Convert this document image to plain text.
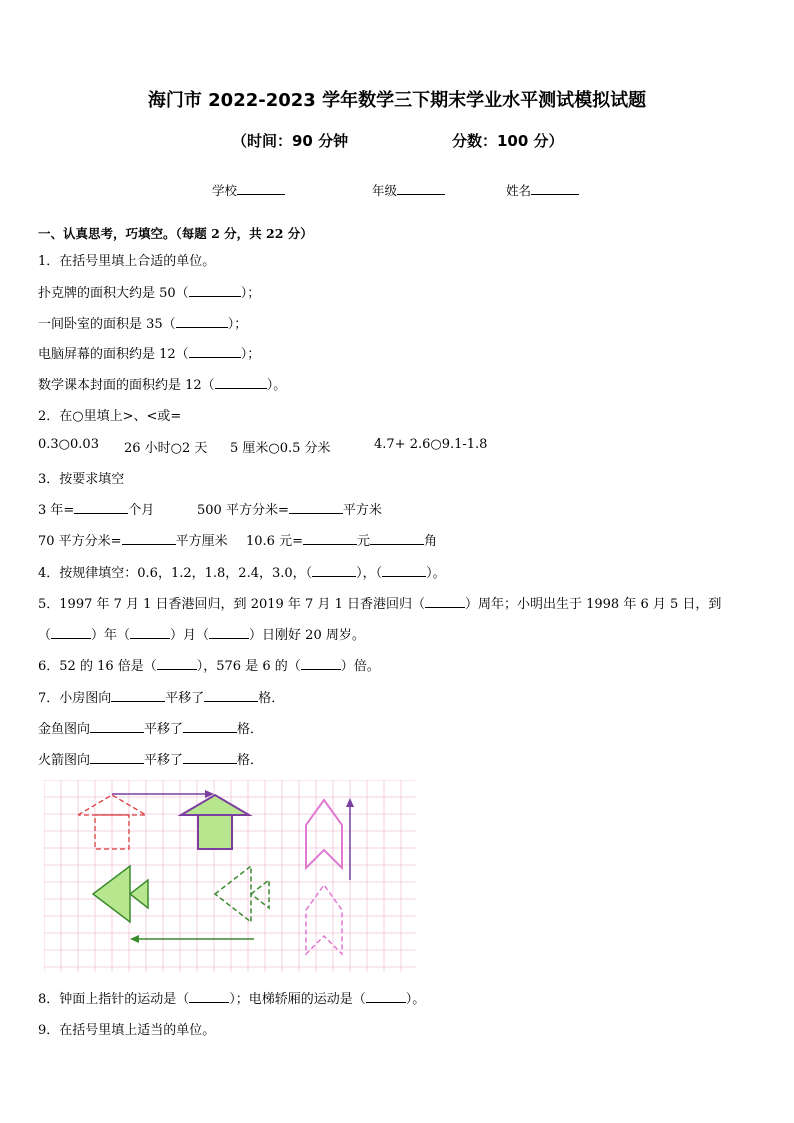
海门市 2022-2023 学年数学三下期末学业水平测试模拟试题
（时间：90 分钟	分数：100 分）
学校	年级	姓名
一、认真思考，巧填空。（每题 2 分，共 22 分）
1．在括号里填上合适的单位。
扑克牌的面积大约是 50（	）；
一间卧室的面积是 35（	）；
电脑屏幕的面积约是 12（	）；
数学课本封面的面积约是 12（	）。
2．在○里填上>、<或=
0.3○0.03 26 小时○2 天 5 厘米○0.5 分米	4.7+ 2.6○9.1-1.8
3．按要求填空
3 年=	个月	500 平方分米=	平方米
70 平方分米=	平方厘米 10.6 元=	元	角
4．按规律填空：0.6，1.2，1.8，2.4，3.0，（	），（	）。
5．1997 年 7 月 1 日香港回归，到 2019 年 7 月 1 日香港回归（	）周年；小明出生于 1998 年 6 月 5 日，到
（	）年（	）月（	）日刚好 20 周岁。
6．52 的 16 倍是（	），576 是 6 的（	）倍。
7．小房图向	平移了	格．
金鱼图向	平移了	格．
火箭图向	平移了	格．
8．钟面上指针的运动是（	）；电梯轿厢的运动是（	）。
9．在括号里填上适当的单位。
